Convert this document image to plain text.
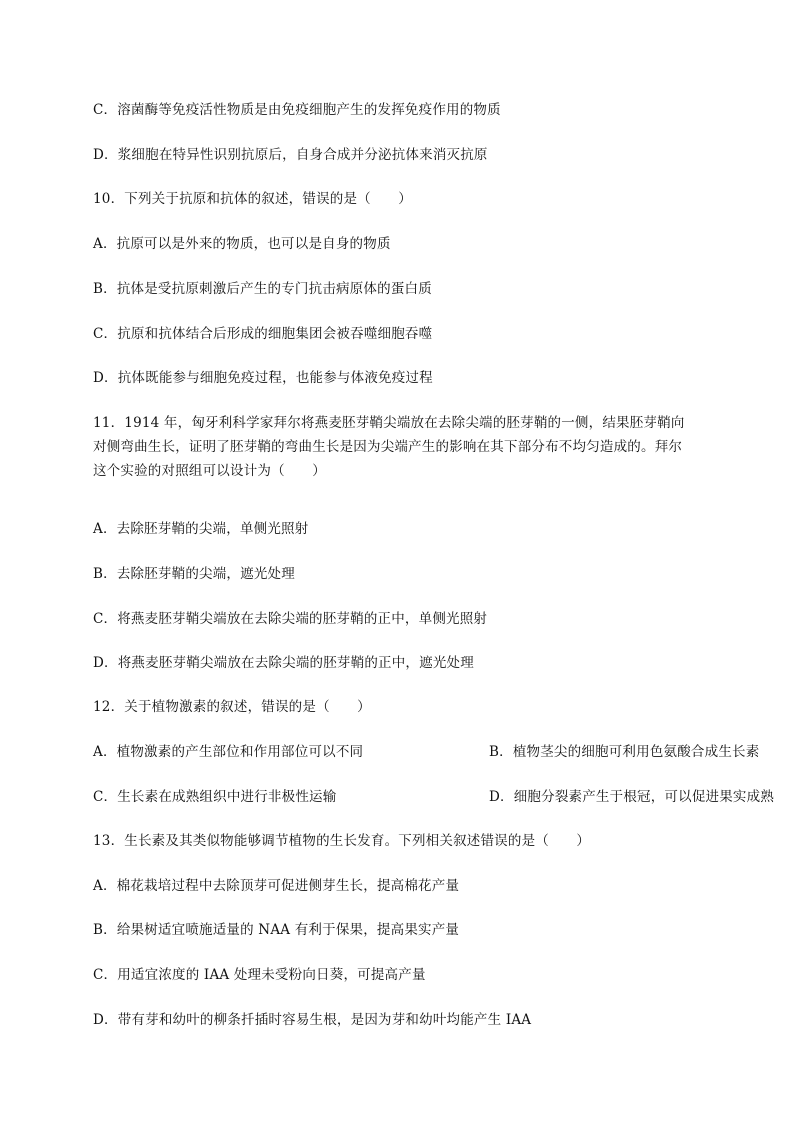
C．溶菌酶等免疫活性物质是由免疫细胞产生的发挥免疫作用的物质
D．浆细胞在特异性识别抗原后，自身合成并分泌抗体来消灭抗原
10．下列关于抗原和抗体的叙述，错误的是（　　）
A．抗原可以是外来的物质，也可以是自身的物质
B．抗体是受抗原刺激后产生的专门抗击病原体的蛋白质
C．抗原和抗体结合后形成的细胞集团会被吞噬细胞吞噬
D．抗体既能参与细胞免疫过程，也能参与体液免疫过程
11．1914 年，匈牙利科学家拜尔将燕麦胚芽鞘尖端放在去除尖端的胚芽鞘的一侧，结果胚芽鞘向对侧弯曲生长，证明了胚芽鞘的弯曲生长是因为尖端产生的影响在其下部分布不均匀造成的。拜尔这个实验的对照组可以设计为（　　）
A．去除胚芽鞘的尖端，单侧光照射
B．去除胚芽鞘的尖端，遮光处理
C．将燕麦胚芽鞘尖端放在去除尖端的胚芽鞘的正中，单侧光照射
D．将燕麦胚芽鞘尖端放在去除尖端的胚芽鞘的正中，遮光处理
12．关于植物激素的叙述，错误的是（　　）
A．植物激素的产生部位和作用部位可以不同	B．植物茎尖的细胞可利用色氨酸合成生长素
C．生长素在成熟组织中进行非极性运输	D．细胞分裂素产生于根冠，可以促进果实成熟
13．生长素及其类似物能够调节植物的生长发育。下列相关叙述错误的是（　　）
A．棉花栽培过程中去除顶芽可促进侧芽生长，提高棉花产量
B．给果树适宜喷施适量的 NAA 有利于保果，提高果实产量
C．用适宜浓度的 IAA 处理未受粉向日葵，可提高产量
D．带有芽和幼叶的柳条扦插时容易生根，是因为芽和幼叶均能产生 IAA
